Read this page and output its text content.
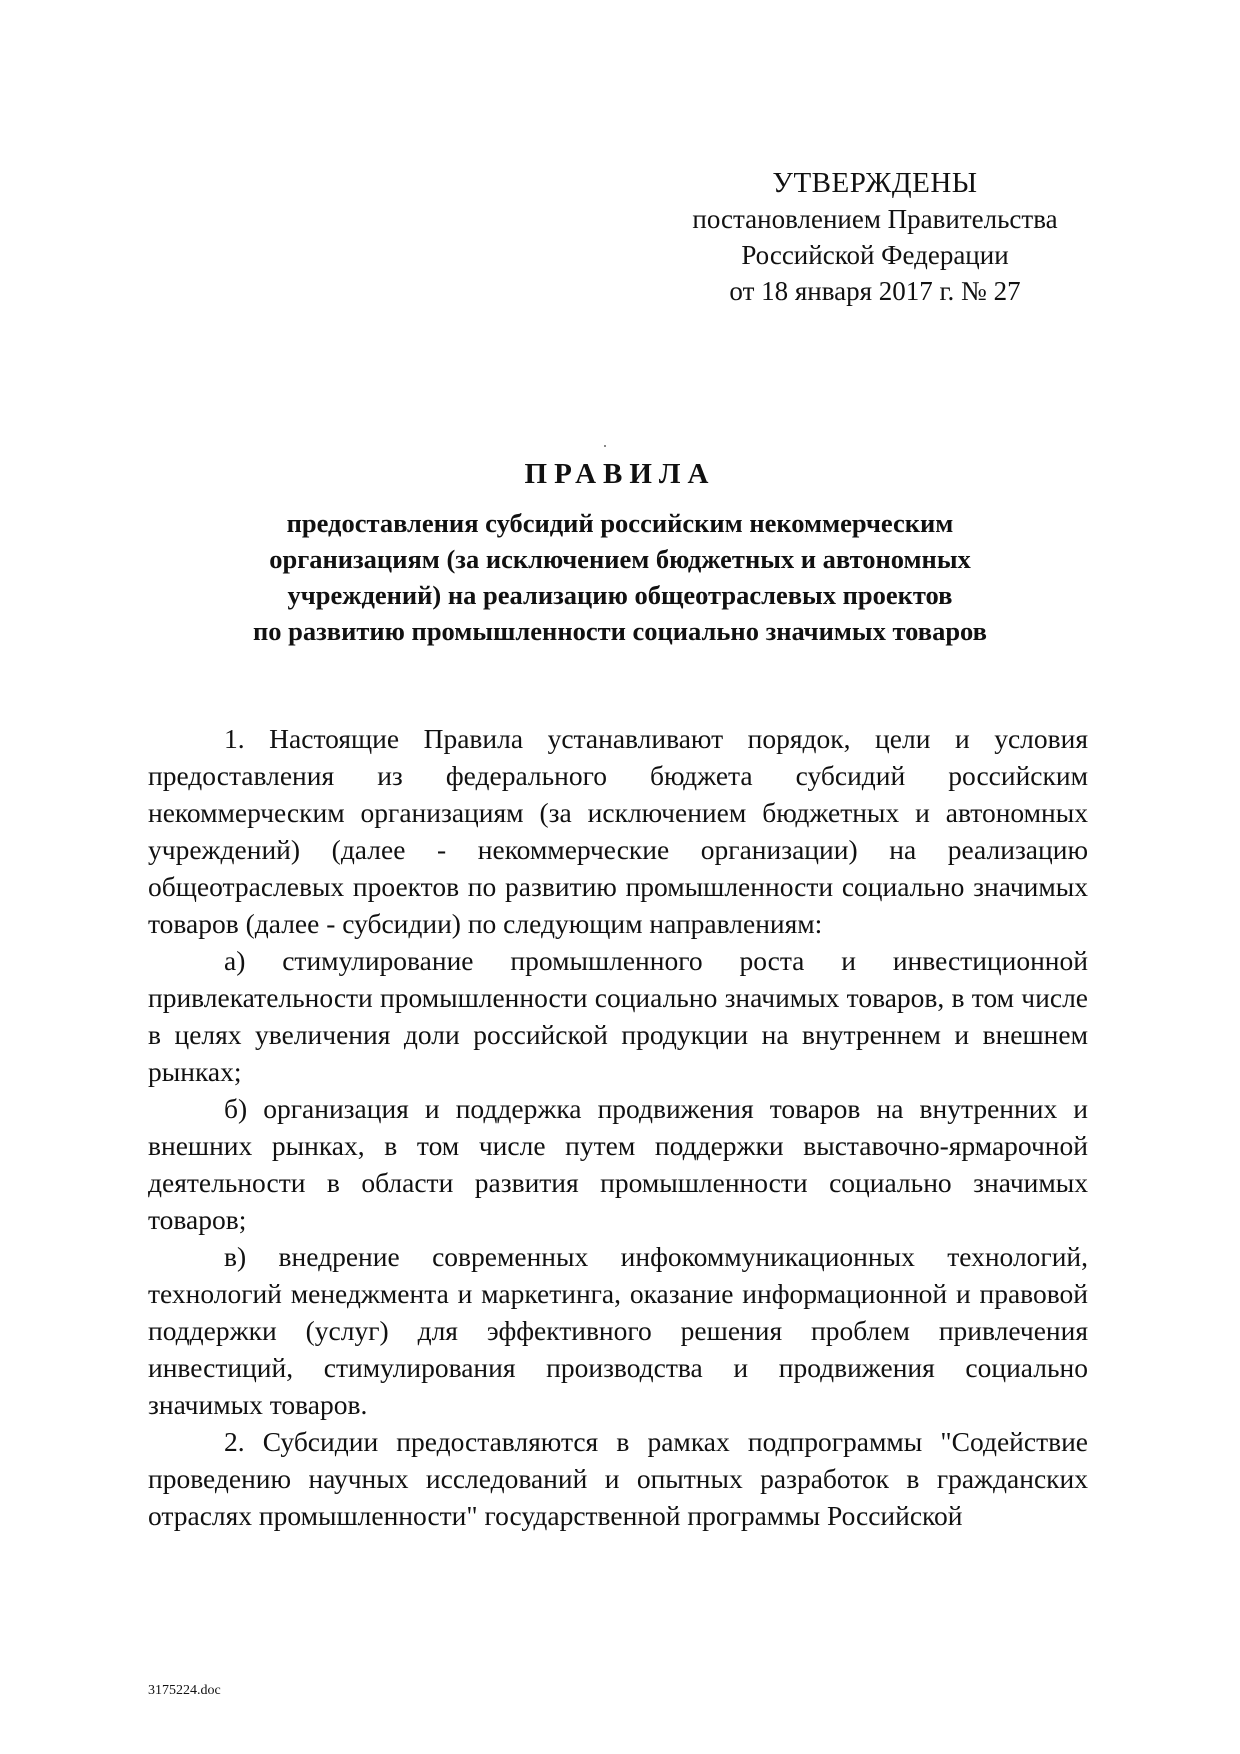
УТВЕРЖДЕНЫ
постановлением Правительства
Российской Федерации
от 18 января 2017 г. № 27
ПРАВИЛА
предоставления субсидий российским некоммерческим
организациям (за исключением бюджетных и автономных
учреждений) на реализацию общеотраслевых проектов
по развитию промышленности социально значимых товаров

1. Настоящие Правила устанавливают порядок, цели и условия предоставления из федерального бюджета субсидий российским некоммерческим организациям (за исключением бюджетных и автономных учреждений) (далее - некоммерческие организации) на реализацию общеотраслевых проектов по развитию промышленности социально значимых товаров (далее - субсидии) по следующим направлениям:

а) стимулирование промышленного роста и инвестиционной привлекательности промышленности социально значимых товаров, в том числе в целях увеличения доли российской продукции на внутреннем и внешнем рынках;

б) организация и поддержка продвижения товаров на внутренних и внешних рынках, в том числе путем поддержки выставочно-ярмарочной деятельности в области развития промышленности социально значимых товаров;

в) внедрение современных инфокоммуникационных технологий, технологий менеджмента и маркетинга, оказание информационной и правовой поддержки (услуг) для эффективного решения проблем привлечения инвестиций, стимулирования производства и продвижения социально значимых товаров.

2. Субсидии предоставляются в рамках подпрограммы "Содействие проведению научных исследований и опытных разработок в гражданских отраслях промышленности" государственной программы Российской

3175224.doc
